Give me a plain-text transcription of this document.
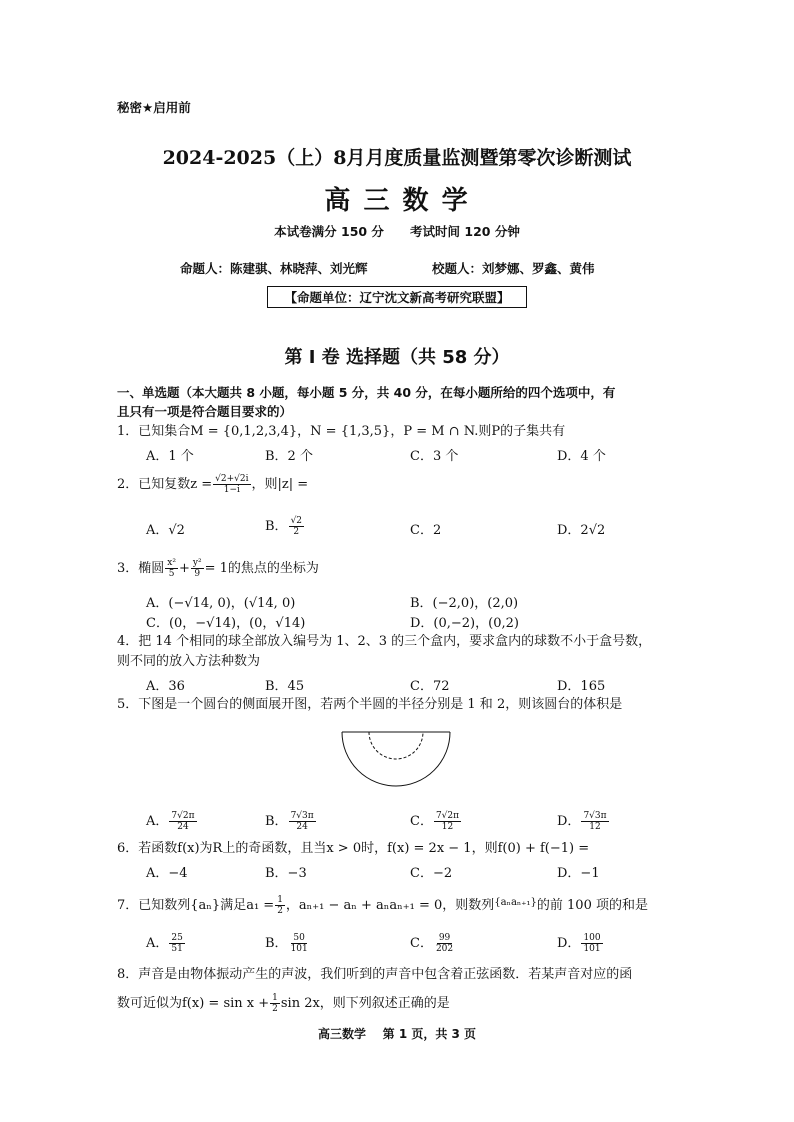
秘密★启用前
2024-2025（上）8月月度质量监测暨第零次诊断测试
高 三 数 学
本试卷满分 150 分      考试时间 120 分钟
命题人：陈建骐、林晓萍、刘光辉	校题人：刘梦娜、罗鑫、黄伟
【命题单位：辽宁沈文新高考研究联盟】
第 I 卷 选择题（共 58 分）
一、单选题（本大题共 8 小题，每小题 5 分，共 40 分，在每小题所给的四个选项中，有
且只有一项是符合题目要求的）
1．已知集合M = {0,1,2,3,4}，N = {1,3,5}，P = M ∩ N.则P的子集共有
A．1 个	B．2 个	C．3 个	D．4 个
2．已知复数$z = \frac{√2+√2i}{1-i}$ ，则|z| =
A．√2	B． $\frac{√2}{2}$	C．2	D．2√2
3．椭圆 $\frac{\text{x²}}{5} + \frac{\text{y²}}{9} = 1$的焦点的坐标为
A．(−√14, 0)，(√14, 0)	B．(−2,0)，(2,0)
C．(0，−√14)，(0，√14)	D．(0,−2)，(0,2)
4．把 14 个相同的球全部放入编号为 1、2、3 的三个盒内，要求盒内的球数不小于盒号数，
则不同的放入方法种数为
A．36	B．45	C．72	D．165
5．下图是一个圆台的侧面展开图，若两个半圆的半径分别是 1 和 2，则该圆台的体积是
A． $\frac{7√2\pi}{24}$	B． $\frac{7√3\pi}{24}$	C． $\frac{7√2\pi}{12}$	D． $\frac{7√3\pi}{12}$
6．若函数f(x)为R上的奇函数，且当x > 0时，f(x) = 2x − 1，则f(0) + f(−1) =
A．−4	B．−3	C．−2	D．−1
7．已知数列{aₙ}满足$a_1 = \frac{1}{2}$ ，aₙ₊₁ − aₙ + aₙaₙ₊₁ = 0，则数列$^{\{a_na_{n+1}\}}$的前 100 项的和是
A． $\frac{25}{51}$	B． $\frac{50}{101}$	C． $\frac{99}{202}$	D． $\frac{100}{101}$
8．声音是由物体振动产生的声波，我们听到的声音中包含着正弦函数．若某声音对应的函
数可近似为$f(x) = \sin x + \frac{1}{2}$ sin 2x，则下列叙述正确的是
高三数学    第 1 页，共 3 页
